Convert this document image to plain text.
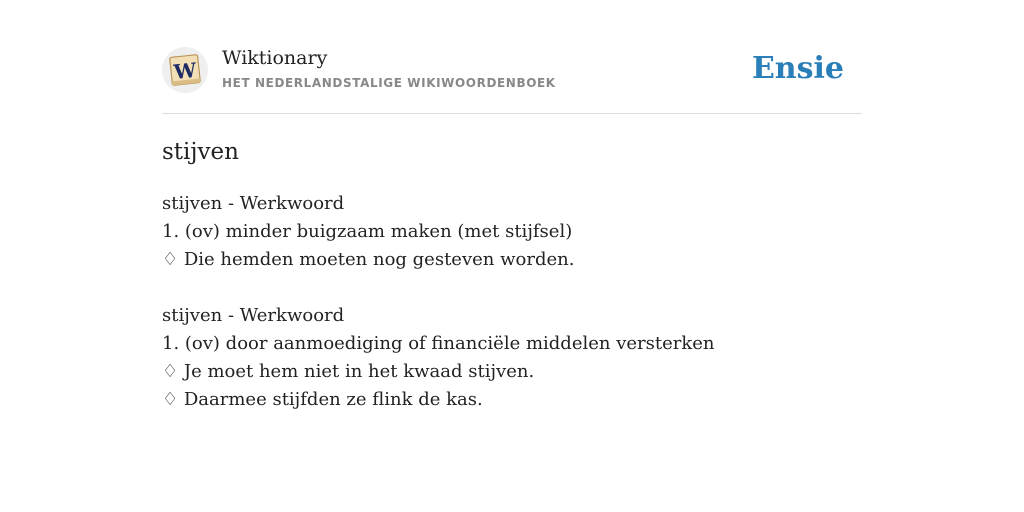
W Wiktionary
HET NEDERLANDSTALIGE WIKIWOORDENBOEK	Ensie
stijven
stijven - Werkwoord
1. (ov) minder buigzaam maken (met stijfsel)
♢ Die hemden moeten nog gesteven worden.
stijven - Werkwoord
1. (ov) door aanmoediging of financiële middelen versterken
♢ Je moet hem niet in het kwaad stijven.
♢ Daarmee stijfden ze flink de kas.
